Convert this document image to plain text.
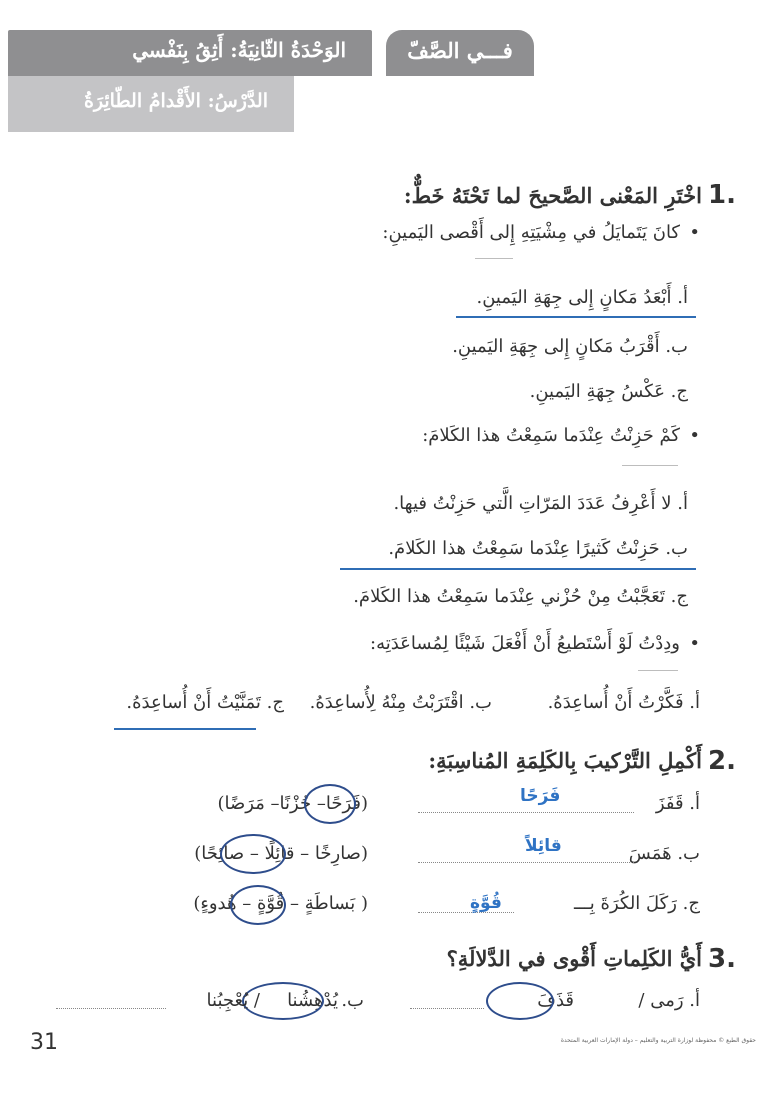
الوَحْدَةُ الثّانِيَةُ: أَثِقُ بِنَفْسي
الدَّرْسُ: الأَقْدامُ الطّائِرَةُ
فـــي الصَّفّ
1.
اخْتَرِ المَعْنى الصَّحيحَ لما تَحْتَهُ خَطٌّ:
•
كانَ يَتَمايَلُ في مِشْيَتِهِ إِلى أَقْصى اليَمينِ:
أ. أَبْعَدُ مَكانٍ إِلى جِهَةِ اليَمينِ.
ب. أَقْرَبُ مَكانٍ إِلى جِهَةِ اليَمينِ.
ج. عَكْسُ جِهَةِ اليَمينِ.
•
كَمْ حَزِنْتُ عِنْدَما سَمِعْتُ هذا الكَلامَ:
أ. لا أَعْرِفُ عَدَدَ المَرّاتِ الَّتي حَزِنْتُ فيها.
ب. حَزِنْتُ كَثيرًا عِنْدَما سَمِعْتُ هذا الكَلامَ.
ج. تَعَجَّبْتُ مِنْ حُزْني عِنْدَما سَمِعْتُ هذا الكَلامَ.
•
ودِدْتُ لَوْ أَسْتَطيعُ أَنْ أَفْعَلَ شَيْئًا لِمُساعَدَتِه:
أ. فَكَّرْتُ أَنْ أُساعِدَهُ.
ب. اقْتَرَبْتُ مِنْهُ لِأُساعِدَهُ.
ج. تَمَنَّيْتُ أَنْ أُساعِدَهُ.
2.
أَكْمِلِ التَّرْكيبَ بِالكَلِمَةِ المُناسِبَةِ:
أ. قَفَزَ
فَرَحًا
(فَرَحًا– حُزْنًا– مَرَضًا)
ب. هَمَسَ
قائِلاً
(صارِخًا – قائِلًا – صائِحًا)
ج. رَكَلَ الكُرَةَ بِـــ
قُوَّةٍ
( بَساطَةٍ – قُوَّةٍ – هُدوءٍ)
3.
أَيُّ الكَلِماتِ أَقْوى في الدَّلالَةِ؟
أ. رَمى /
قَذَفَ
ب.
يُدْهِشُنا
/ يُعْجِبُنا
31	حقوق الطبع © محفوظة لوزارة التربية والتعليم – دولة الإمارات العربية المتحدة
